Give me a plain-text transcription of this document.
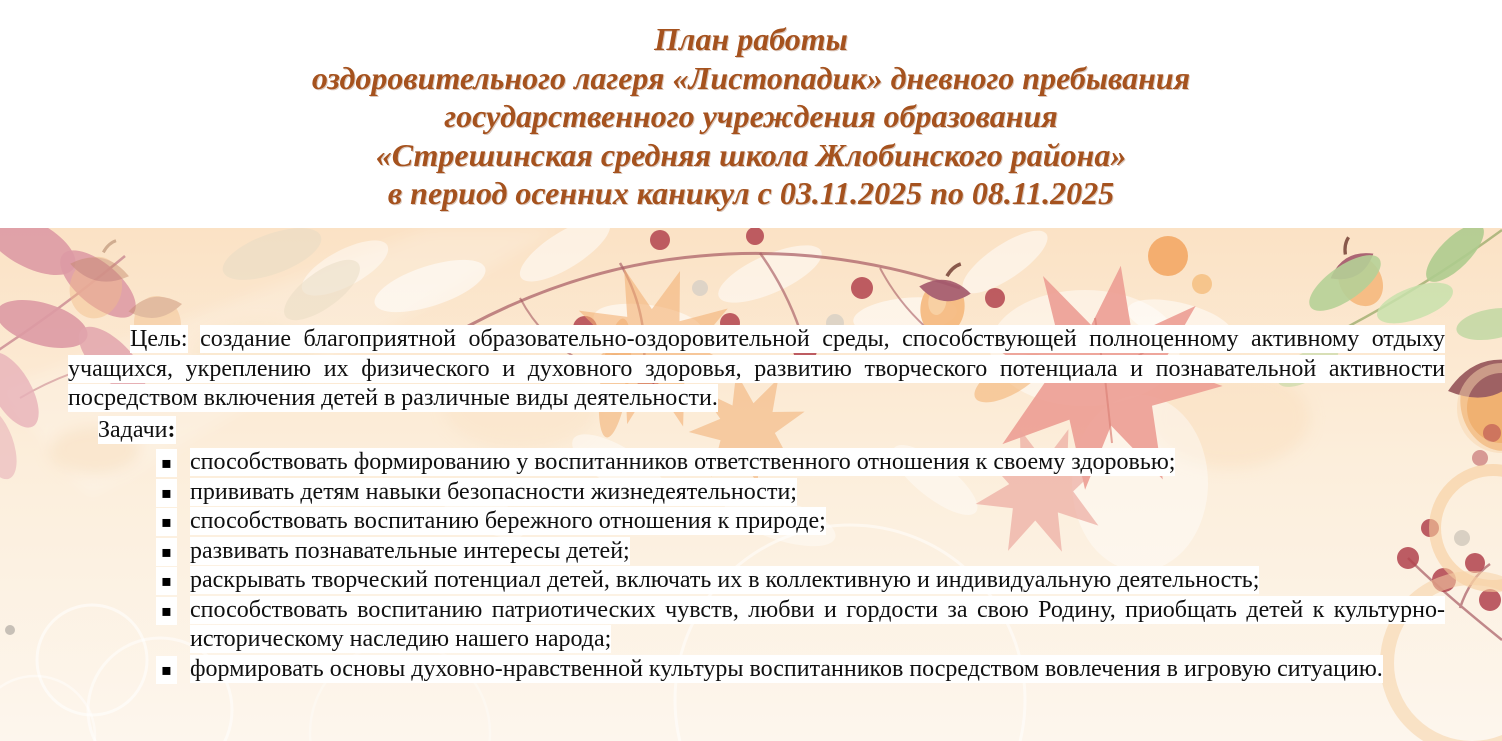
План работы
оздоровительного лагеря «Листопадик» дневного пребывания
государственного учреждения образования
«Стрешинская средняя школа Жлобинского района»
в период осенних каникул с 03.11.2025 по 08.11.2025

Цель: создание благоприятной образовательно-оздоровительной среды, способствующей полноценному активному отдыху учащихся, укреплению их физического и духовного здоровья, развитию творческого потенциала и познавательной активности посредством включения детей в различные виды деятельности.

Задачи:

▪ способствовать формированию у воспитанников ответственного отношения к своему здоровью;
▪ прививать детям навыки безопасности жизнедеятельности;
▪ способствовать воспитанию бережного отношения к природе;
▪ развивать познавательные интересы детей;
▪ раскрывать творческий потенциал детей, включать их в коллективную и индивидуальную деятельность;
▪ способствовать воспитанию патриотических чувств, любви и гордости за свою Родину, приобщать детей к культурно-историческому наследию нашего народа;
▪ формировать основы духовно-нравственной культуры воспитанников посредством вовлечения в игровую ситуацию.
